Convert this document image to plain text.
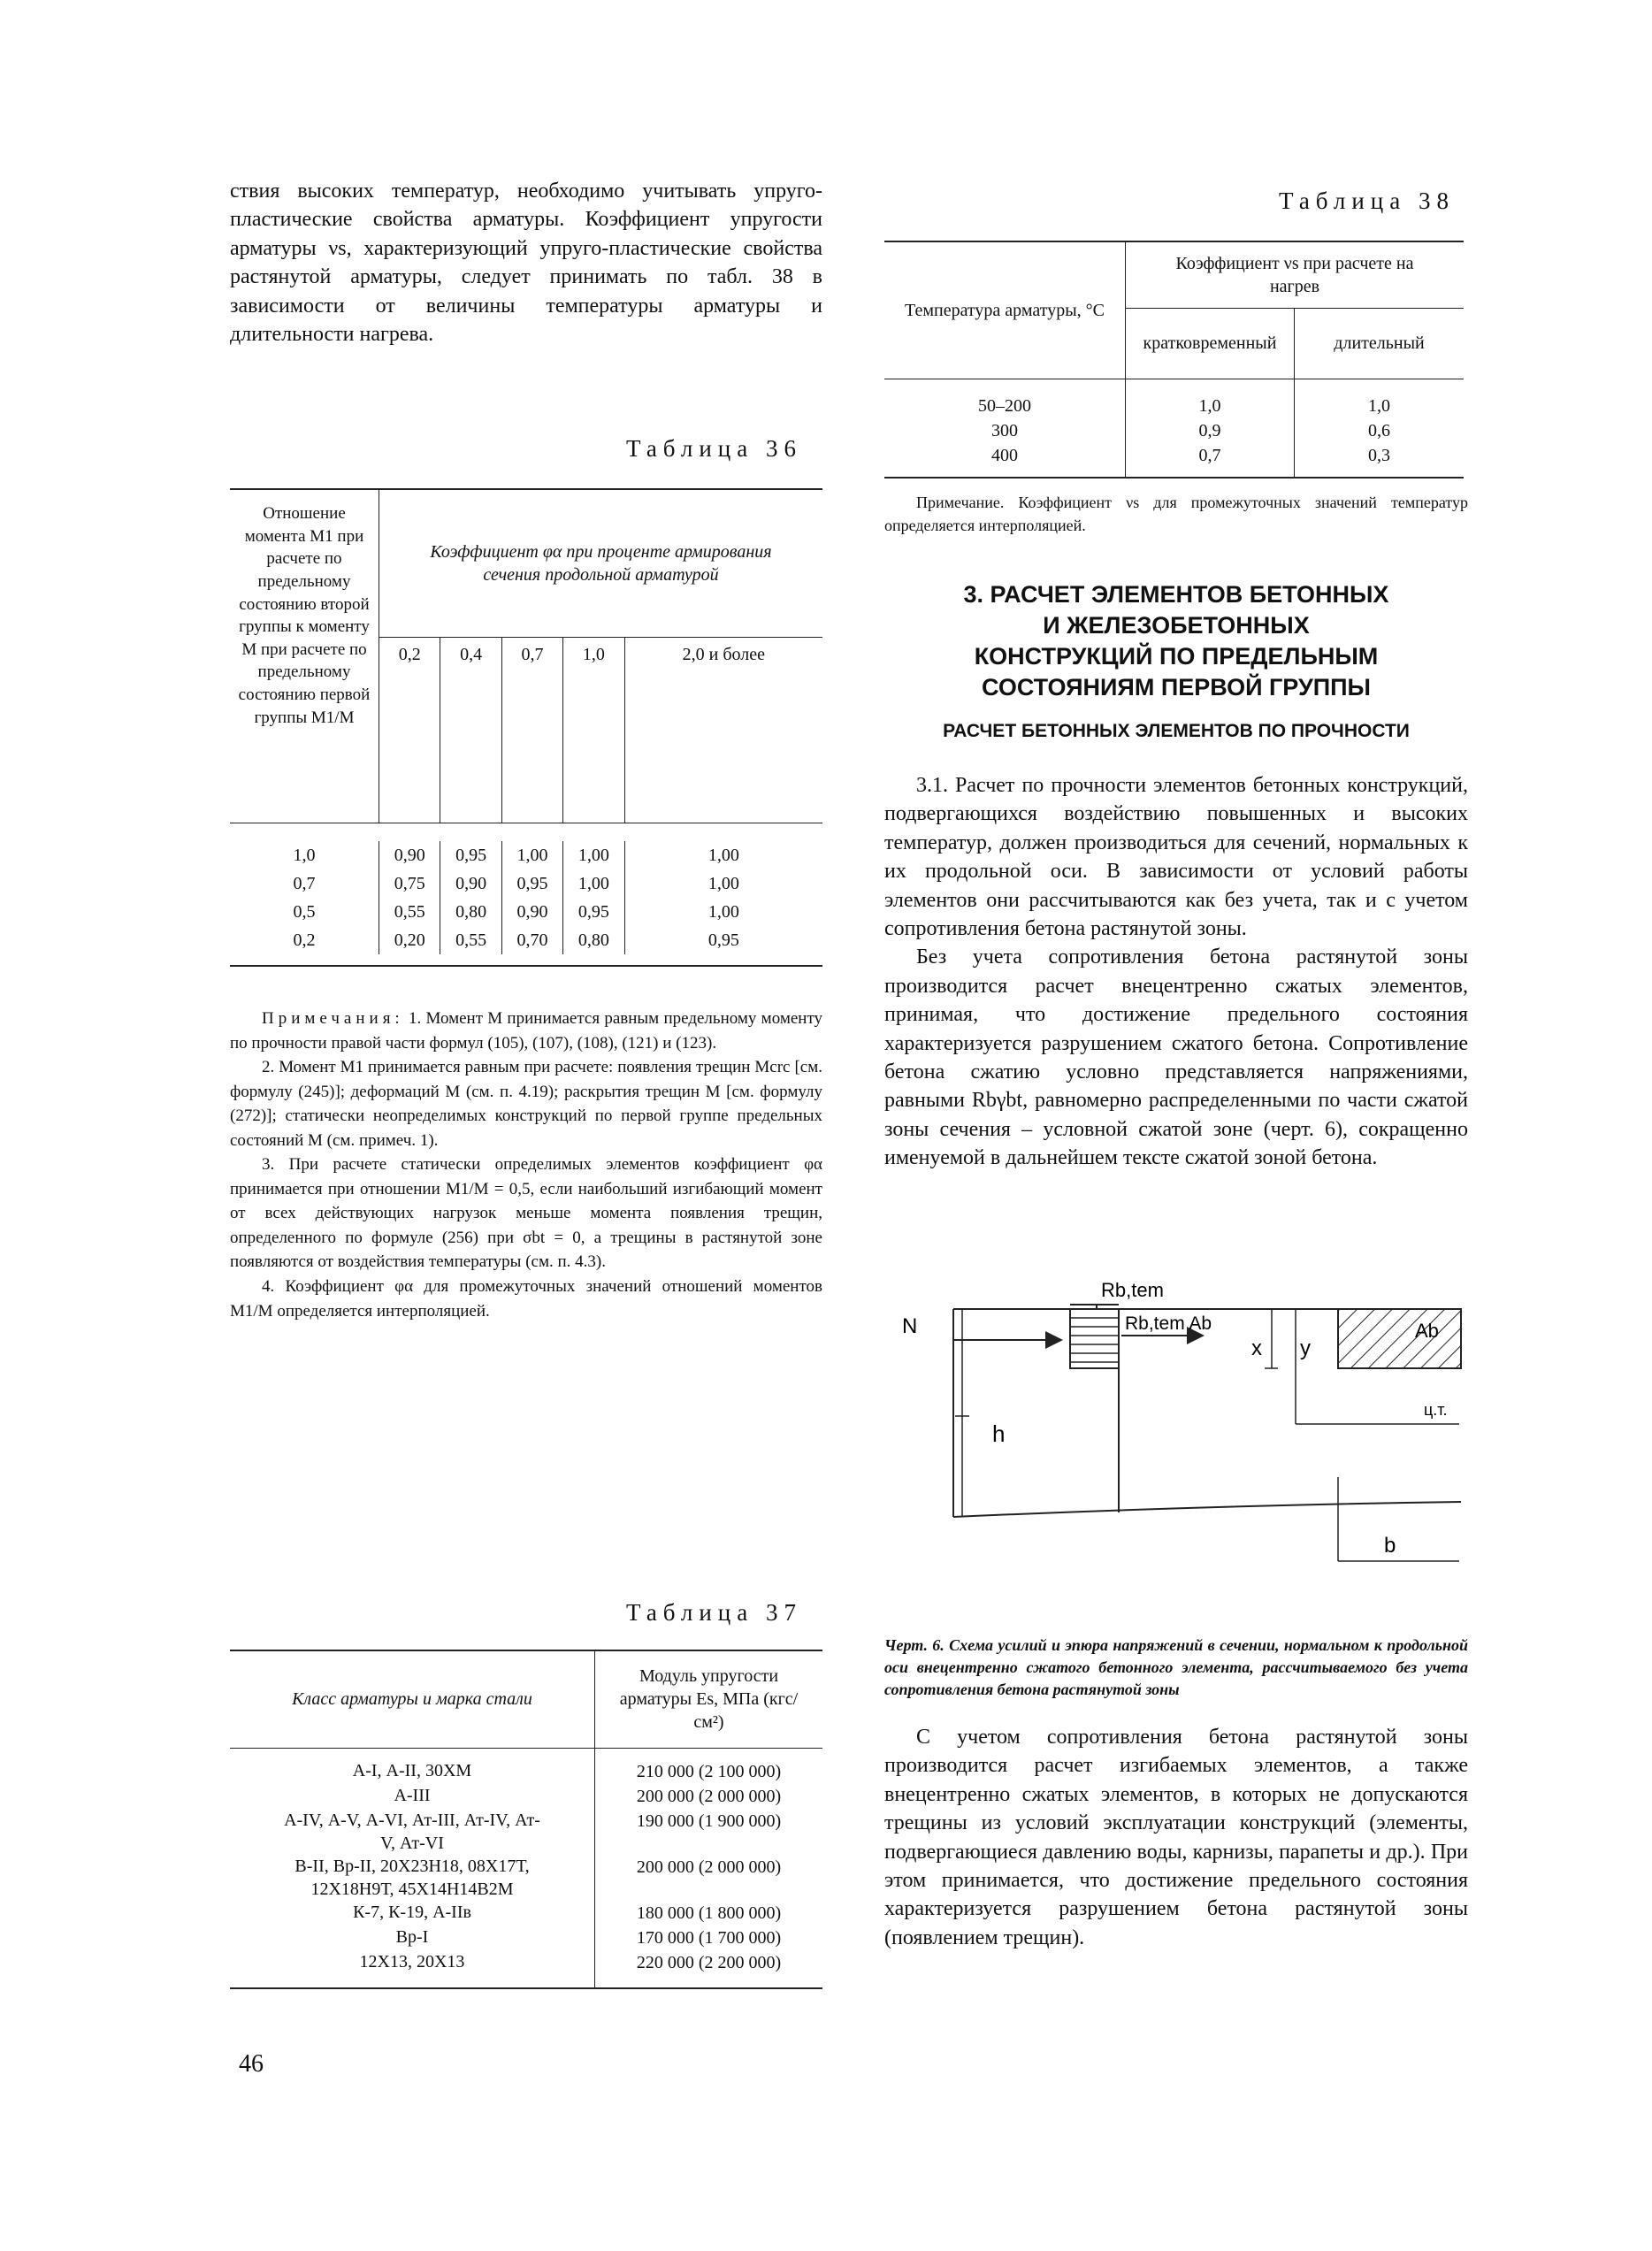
ствия высоких температур, необходимо учитывать упруго-пластические свойства арматуры. Коэффициент упругости арматуры νs, характеризующий упруго-пластические свойства растянутой арматуры, следует принимать по табл. 38 в зависимости от величины температуры арматуры и длительности нагрева.

Таблица 36
Отношение момента M1 при расчете по предельному состоянию второй группы к моменту M при расчете по предельному состоянию первой группы M1/M	Коэффициент φα при проценте армирования сечения продольной арматурой				
	0,2	0,4	0,7	1,0	2,0 и более

1,0	0,90	0,95	1,00	1,00	1,00
0,7	0,75	0,90	0,95	1,00	1,00
0,5	0,55	0,80	0,90	0,95	1,00
0,2	0,20	0,55	0,70	0,80	0,95

Примечания: 1. Момент M принимается равным предельному моменту по прочности правой части формул (105), (107), (108), (121) и (123).

2. Момент M1 принимается равным при расчете: появления трещин Mcrc [см. формулу (245)]; деформаций M (см. п. 4.19); раскрытия трещин M [см. формулу (272)]; статически неопределимых конструкций по первой группе предельных состояний M (см. примеч. 1).

3. При расчете статически определимых элементов коэффициент φα принимается при отношении M1/M = 0,5, если наибольший изгибающий момент от всех действующих нагрузок меньше момента появления трещин, определенного по формуле (256) при σbt = 0, а трещины в растянутой зоне появляются от воздействия температуры (см. п. 4.3).

4. Коэффициент φα для промежуточных значений отношений моментов M1/M определяется интерполяцией.

Таблица 37
Класс арматуры и марка стали	Модуль упругости арматуры Es, МПа (кгс/см²)

А-I, А-II, 30ХМ	210 000 (2 100 000)
А-III	200 000 (2 000 000)
А-IV, А-V, А-VI, Ат-III, Ат-IV, Ат-V, Ат-VI	190 000 (1 900 000)
В-II, Вр-II, 20Х23Н18, 08Х17Т, 12Х18Н9Т, 45Х14Н14В2М	200 000 (2 000 000)
К-7, К-19, А-IIв	180 000 (1 800 000)
Вр-I	170 000 (1 700 000)
12Х13, 20Х13	220 000 (2 200 000)

46
Таблица 38
Температура арматуры, °С	Коэффициент νs при расчете на нагрев	
	кратковременный	длительный

50–200	1,0	1,0
300	0,9	0,6
400	0,7	0,3

Примечание. Коэффициент νs для промежуточных значений температур определяется интерполяцией.

3. РАСЧЕТ ЭЛЕМЕНТОВ БЕТОННЫХ И ЖЕЛЕЗОБЕТОННЫХ КОНСТРУКЦИЙ ПО ПРЕДЕЛЬНЫМ СОСТОЯНИЯМ ПЕРВОЙ ГРУППЫ

РАСЧЕТ БЕТОННЫХ ЭЛЕМЕНТОВ ПО ПРОЧНОСТИ

3.1. Расчет по прочности элементов бетонных конструкций, подвергающихся воздействию повышенных и высоких температур, должен производиться для сечений, нормальных к их продольной оси. В зависимости от условий работы элементов они рассчитываются как без учета, так и с учетом сопротивления бетона растянутой зоны.

Без учета сопротивления бетона растянутой зоны производится расчет внецентренно сжатых элементов, принимая, что достижение предельного состояния характеризуется разрушением сжатого бетона. Сопротивление бетона сжатию условно представляется напряжениями, равными Rbγbt, равномерно распределенными по части сжатой зоны сечения – условной сжатой зоне (черт. 6), сокращенно именуемой в дальнейшем тексте сжатой зоной бетона.

Rb,tem
N	Rb,tem Ab
x y
ц.т.
Ab
h
b

Черт. 6. Схема усилий и эпюра напряжений в сечении, нормальном к продольной оси внецентренно сжатого бетонного элемента, рассчитываемого без учета сопротивления бетона растянутой зоны

С учетом сопротивления бетона растянутой зоны производится расчет изгибаемых элементов, а также внецентренно сжатых элементов, в которых не допускаются трещины из условий эксплуатации конструкций (элементы, подвергающиеся давлению воды, карнизы, парапеты и др.). При этом принимается, что достижение предельного состояния характеризуется разрушением бетона растянутой зоны (появлением трещин).
